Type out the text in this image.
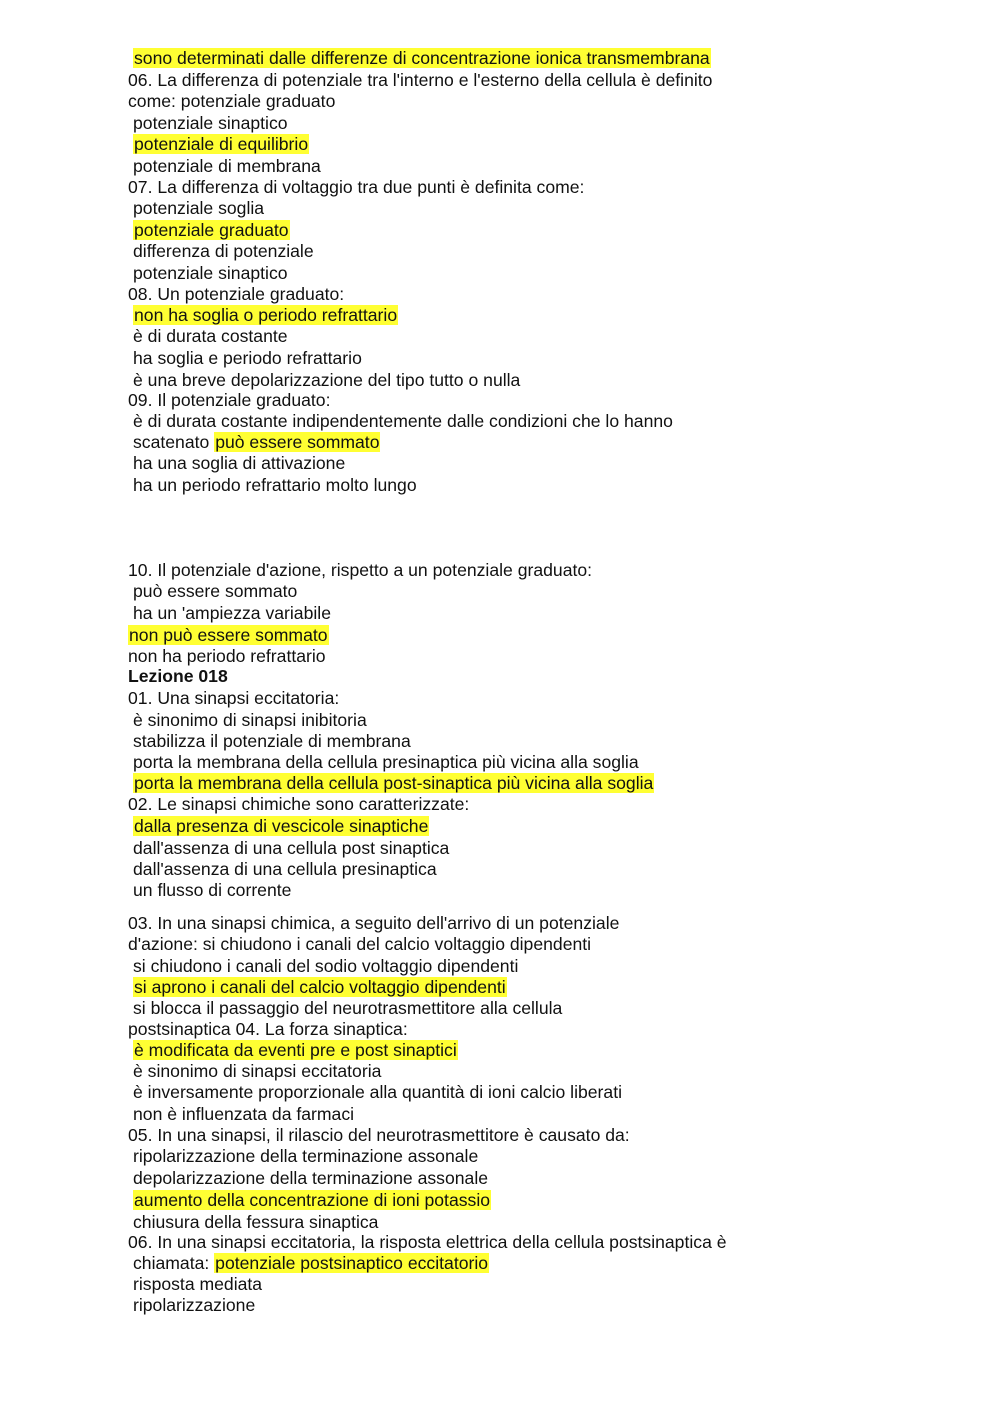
sono determinati dalle differenze di concentrazione ionica transmembrana
06. La differenza di potenziale tra l'interno e l'esterno della cellula è definito
come: potenziale graduato
potenziale sinaptico
potenziale di equilibrio
potenziale di membrana
07. La differenza di voltaggio tra due punti è definita come:
potenziale soglia
potenziale graduato
differenza di potenziale
potenziale sinaptico
08. Un potenziale graduato:
non ha soglia o periodo refrattario
è di durata costante
ha soglia e periodo refrattario
è una breve depolarizzazione del tipo tutto o nulla
09. Il potenziale graduato:
è di durata costante indipendentemente dalle condizioni che lo hanno
scatenato può essere sommato
ha una soglia di attivazione
ha un periodo refrattario molto lungo
10. Il potenziale d'azione, rispetto a un potenziale graduato:
può essere sommato
ha un 'ampiezza variabile
non può essere sommato
non ha periodo refrattario
Lezione 018
01. Una sinapsi eccitatoria:
è sinonimo di sinapsi inibitoria
stabilizza il potenziale di membrana
porta la membrana della cellula presinaptica più vicina alla soglia
porta la membrana della cellula post-sinaptica più vicina alla soglia
02. Le sinapsi chimiche sono caratterizzate:
dalla presenza di vescicole sinaptiche
dall'assenza di una cellula post sinaptica
dall'assenza di una cellula presinaptica
un flusso di corrente
03. In una sinapsi chimica, a seguito dell'arrivo di un potenziale
d'azione: si chiudono i canali del calcio voltaggio dipendenti
si chiudono i canali del sodio voltaggio dipendenti
si aprono i canali del calcio voltaggio dipendenti
si blocca il passaggio del neurotrasmettitore alla cellula
postsinaptica 04. La forza sinaptica:
è modificata da eventi pre e post sinaptici
è sinonimo di sinapsi eccitatoria
è inversamente proporzionale alla quantità di ioni calcio liberati
non è influenzata da farmaci
05. In una sinapsi, il rilascio del neurotrasmettitore è causato da:
ripolarizzazione della terminazione assonale
depolarizzazione della terminazione assonale
aumento della concentrazione di ioni potassio
chiusura della fessura sinaptica
06. In una sinapsi eccitatoria, la risposta elettrica della cellula postsinaptica è
chiamata: potenziale postsinaptico eccitatorio
risposta mediata
ripolarizzazione
